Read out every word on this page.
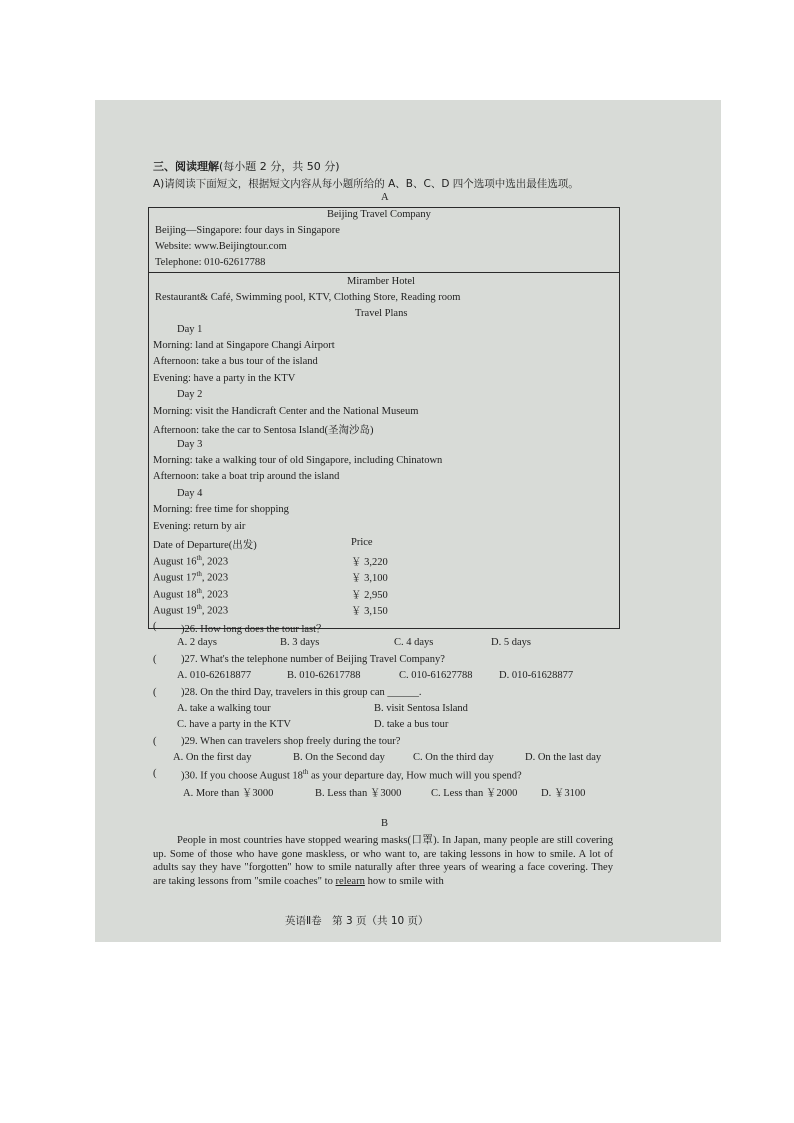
三、阅读理解(每小题 2 分，共 50 分)
A)请阅读下面短文，根据短文内容从每小题所给的 A、B、C、D 四个选项中选出最佳选项。
A
Beijing Travel Company
Beijing—Singapore: four days in Singapore
Website: www.Beijingtour.com
Telephone: 010-62617788
Miramber Hotel
Restaurant& Café, Swimming pool, KTV, Clothing Store, Reading room
Travel Plans
Day 1
Morning: land at Singapore Changi Airport
Afternoon: take a bus tour of the island
Evening: have a party in the KTV
Day 2
Morning: visit the Handicraft Center and the National Museum
Afternoon: take the car to Sentosa Island(圣淘沙岛)
Day 3
Morning: take a walking tour of old Singapore, including Chinatown
Afternoon: take a boat trip around the island
Day 4
Morning: free time for shopping
Evening: return by air
Date of Departure(出发)	Price
August 16th, 2023	￥ 3,220
August 17th, 2023	￥ 3,100
August 18th, 2023	￥ 2,950
August 19th, 2023	￥ 3,150
( )26. How long does the tour last？
A. 2 days	B. 3 days	C. 4 days	D. 5 days
( )27. What's the telephone number of Beijing Travel Company?
A. 010-62618877	B. 010-62617788	C. 010-61627788	D. 010-61628877
( )28. On the third Day, travelers in this group can ______.
A. take a walking tour	B. visit Sentosa Island
C. have a party in the KTV	D. take a bus tour
( )29. When can travelers shop freely during the tour?
A. On the first day	B. On the Second day	C. On the third day	D. On the last day
( )30. If you choose August 18th as your departure day, How much will you spend?
A. More than ￥3000	B. Less than ￥3000	C. Less than ￥2000 D. ￥3100
B
People in most countries have stopped wearing masks(口罩). In Japan, many people are still covering up. Some of those who have gone maskless, or who want to, are taking lessons in how to smile. A lot of adults say they have "forgotten" how to smile naturally after three years of wearing a face covering. They are taking lessons from "smile coaches" to relearn how to smile with
英语Ⅱ卷　第 3 页（共 10 页）
